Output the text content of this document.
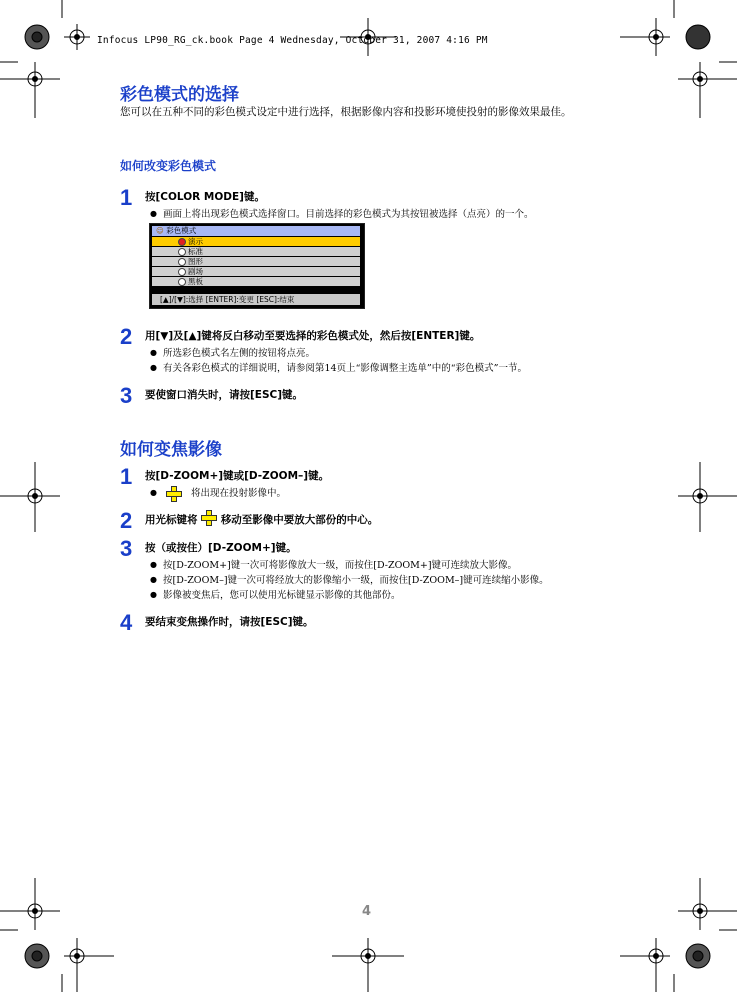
Infocus LP90_RG_ck.book Page 4 Wednesday, October 31, 2007 4:16 PM
彩色模式的选择
您可以在五种不同的彩色模式设定中进行选择，根据影像内容和投影环境使投射的影像效果最佳。
如何改变彩色模式
1 按[COLOR MODE]键。
● 画面上将出现彩色模式选择窗口。目前选择的彩色模式为其按钮被选择（点亮）的一个。
☺ 彩色模式
演示
标准
图形
剧场
黑板
[▲]/[▼]:选择 [ENTER]:变更 [ESC]:结束
2 用[▼]及[▲]键将反白移动至要选择的彩色模式处，然后按[ENTER]键。
● 所选彩色模式名左侧的按钮将点亮。
● 有关各彩色模式的详细说明，请参阅第14页上“影像调整主选单”中的“彩色模式”一节。
3 要使窗口消失时，请按[ESC]键。
如何变焦影像
1 按[D-ZOOM+]键或[D-ZOOM–]键。

● 将出现在投射影像中。
2 用光标键将 移动至影像中要放大部份的中心。
3 按（或按住）[D-ZOOM+]键。
● 按[D-ZOOM+]键一次可将影像放大一级，而按住[D-ZOOM+]键可连续放大影像。
● 按[D-ZOOM–]键一次可将经放大的影像缩小一级，而按住[D-ZOOM–]键可连续缩小影像。
● 影像被变焦后，您可以使用光标键显示影像的其他部份。
4 要结束变焦操作时，请按[ESC]键。
4
